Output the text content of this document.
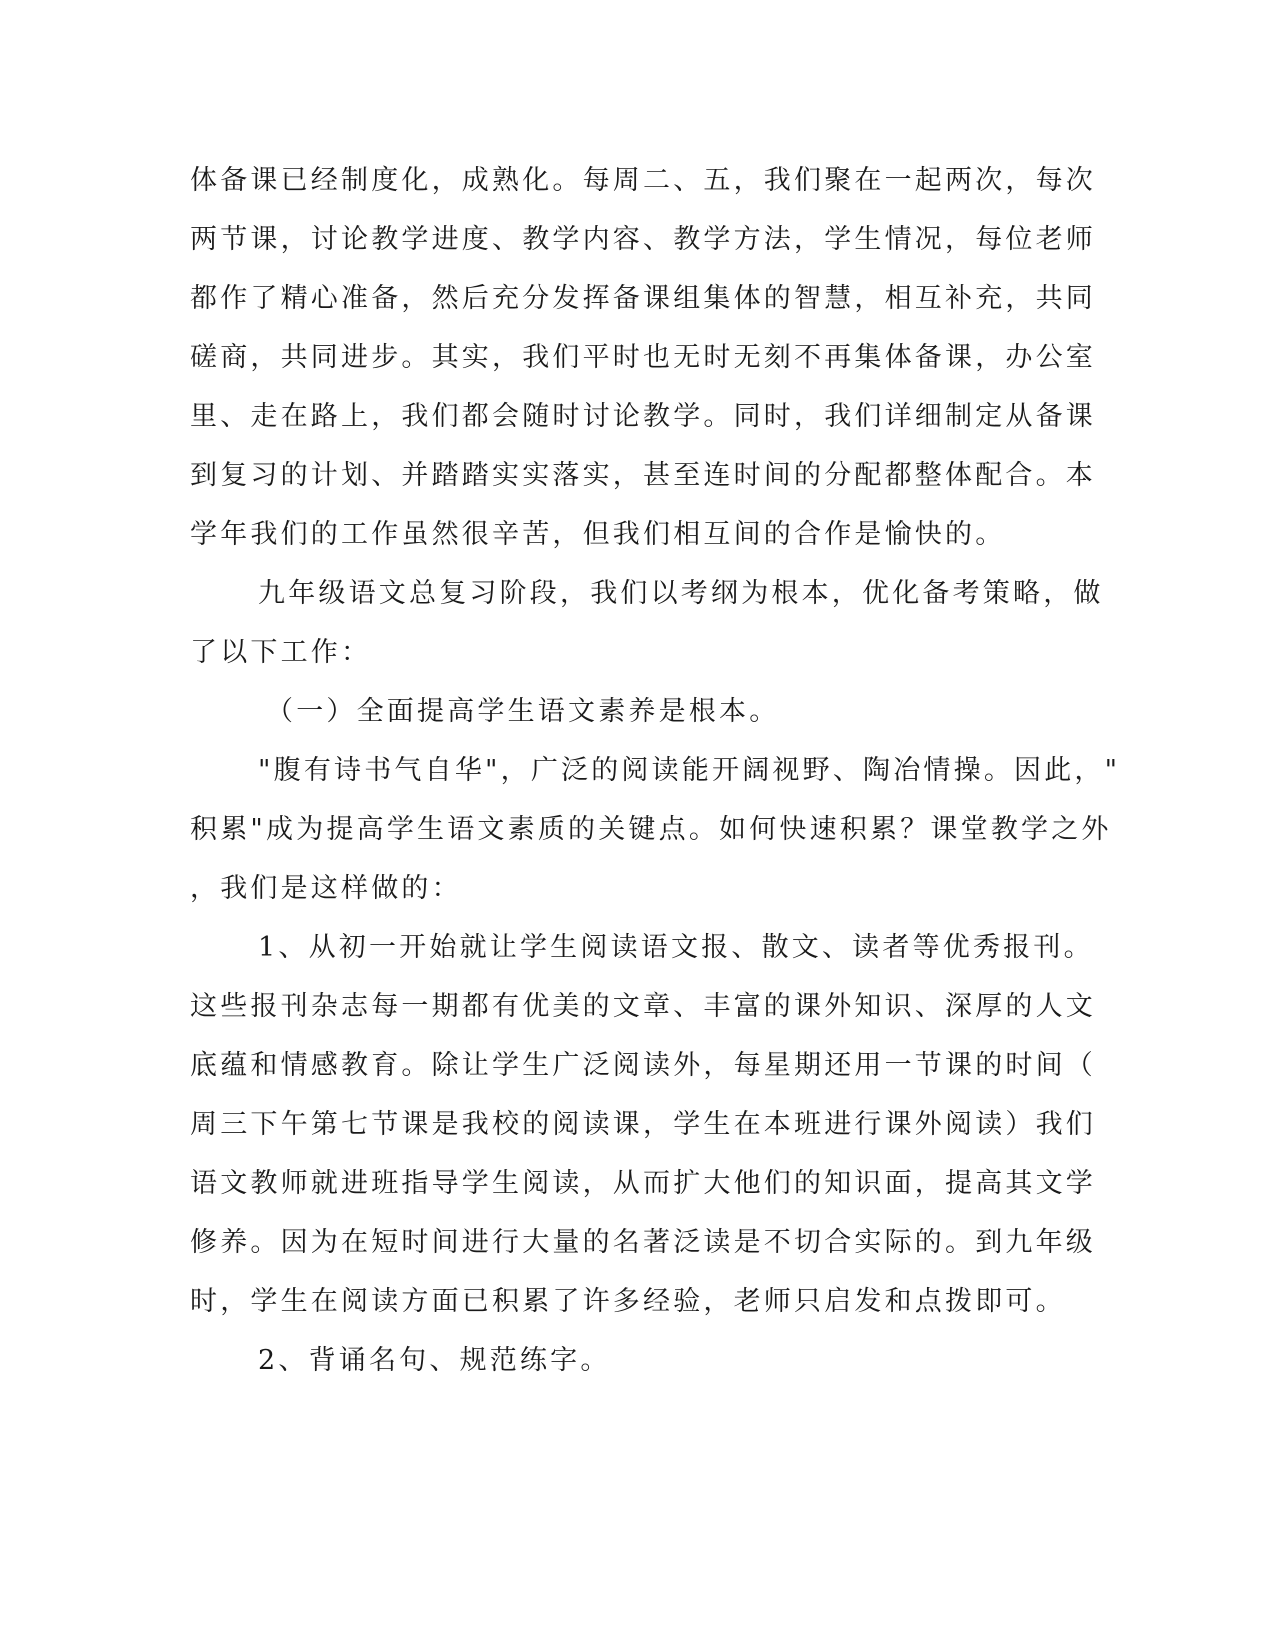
体备课已经制度化，成熟化。每周二、五，我们聚在一起两次，每次
两节课，讨论教学进度、教学内容、教学方法，学生情况，每位老师
都作了精心准备，然后充分发挥备课组集体的智慧，相互补充，共同
磋商，共同进步。其实，我们平时也无时无刻不再集体备课，办公室
里、走在路上，我们都会随时讨论教学。同时，我们详细制定从备课
到复习的计划、并踏踏实实落实，甚至连时间的分配都整体配合。本
学年我们的工作虽然很辛苦，但我们相互间的合作是愉快的。
九年级语文总复习阶段，我们以考纲为根本，优化备考策略，做
了以下工作：
（一）全面提高学生语文素养是根本。
"腹有诗书气自华"，广泛的阅读能开阔视野、陶冶情操。因此，"
积累"成为提高学生语文素质的关键点。如何快速积累？课堂教学之外
，我们是这样做的：
1、从初一开始就让学生阅读语文报、散文、读者等优秀报刊。
这些报刊杂志每一期都有优美的文章、丰富的课外知识、深厚的人文
底蕴和情感教育。除让学生广泛阅读外，每星期还用一节课的时间（
周三下午第七节课是我校的阅读课，学生在本班进行课外阅读）我们
语文教师就进班指导学生阅读，从而扩大他们的知识面，提高其文学
修养。因为在短时间进行大量的名著泛读是不切合实际的。到九年级
时，学生在阅读方面已积累了许多经验，老师只启发和点拨即可。
2、背诵名句、规范练字。
